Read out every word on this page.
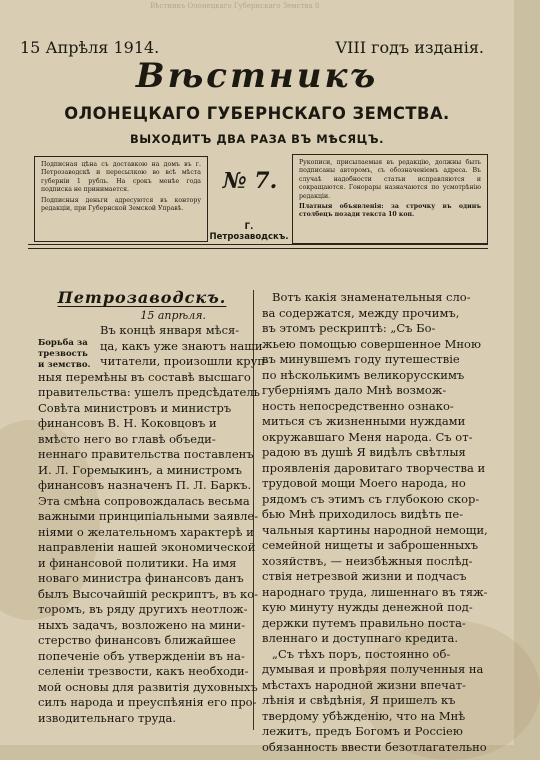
Вѣстникъ Олонецкаго Губернскаго Земства 8
15 Апрѣля 1914.	VIII годъ изданія.
Вѣстникъ
ОЛОНЕЦКАГО ГУБЕРНСКАГО ЗЕМСТВА.
ВЫХОДИТЪ ДВА РАЗА ВЪ МѢСЯЦЪ.

Подписная цѣна съ доставкою на домъ въ г. Петрозаводскѣ и пересылкою во всѣ мѣста губерніи 1 рубль. На срокъ менѣе года подписка не принимается.

Подписныя деньги адресуются въ контору редакціи, при Губернской Земской Управѣ.

№ 7.
Г. Петрозаводскъ.

Рукописи, присылаемыя въ редакцію, должны быть подписаны авторомъ, съ обозначеніемъ адреса. Въ случаѣ надобности статьи исправляются и сокращаются. Гонорары назначаются по усмотрѣнію редакціи.

Платныя объявленія: за строчку въ одинъ столбецъ позади текста 10 коп.

Петрозаводскъ.

15 апрѣля.

Борьба за трезвость и земство.

Въ концѣ января мѣся-

ца, какъ уже знаютъ наши

читатели, произошли круп-

ныя перемѣны въ составѣ высшаго

правительства: ушелъ предсѣдатель

Совѣта министровъ и министръ

финансовъ В. Н. Коковцовъ и

вмѣсто него во главѣ объеди-

неннаго правительства поставленъ

И. Л. Горемыкинъ, а министромъ

финансовъ назначенъ П. Л. Баркъ.

Эта смѣна сопровождалась весьма

важными принципіальными заявле-

ніями о желательномъ характерѣ и

направленіи нашей экономической

и финансовой политики. На имя

новаго министра финансовъ данъ

былъ Высочайшій рескриптъ, въ ко-

торомъ, въ ряду другихъ неотлож-

ныхъ задачъ, возложено на мини-

стерство финансовъ ближайшее

попеченіе объ утвержденіи въ на-

селеніи трезвости, какъ необходи-

мой основы для развитія духовныхъ

силъ народа и преуспѣянія его про-

изводительнаго труда.

Вотъ какія знаменательныя сло-

ва содержатся, между прочимъ,

въ этомъ рескриптѣ: „Съ Бо-

жьею помощью совершенное Мною

въ минувшемъ году путешествіе

по нѣсколькимъ великорусскимъ

губерніямъ дало Мнѣ возмож-

ность непосредственно ознако-

миться съ жизненными нуждами

окружавшаго Меня народа. Съ от-

радою въ душѣ Я видѣлъ свѣтлыя

проявленія даровитаго творчества и

трудовой мощи Моего народа, но

рядомъ съ этимъ съ глубокою скор-

бью Мнѣ приходилось видѣть пе-

чальныя картины народной немощи,

семейной нищеты и заброшенныхъ

хозяйствъ, — неизбѣжныя послѣд-

ствія нетрезвой жизни и подчасъ

народнаго труда, лишеннаго въ тяж-

кую минуту нужды денежной под-

держки путемъ правильно поста-

вленнаго и доступнаго кредита.

„Съ тѣхъ поръ, постоянно об-

думывая и провѣряя полученныя на

мѣстахъ народной жизни впечат-

лѣнія и свѣдѣнія, Я пришелъ къ

твердому убѣжденію, что на Мнѣ

лежитъ, предъ Богомъ и Россіею

обязанность ввести безотлагательно
